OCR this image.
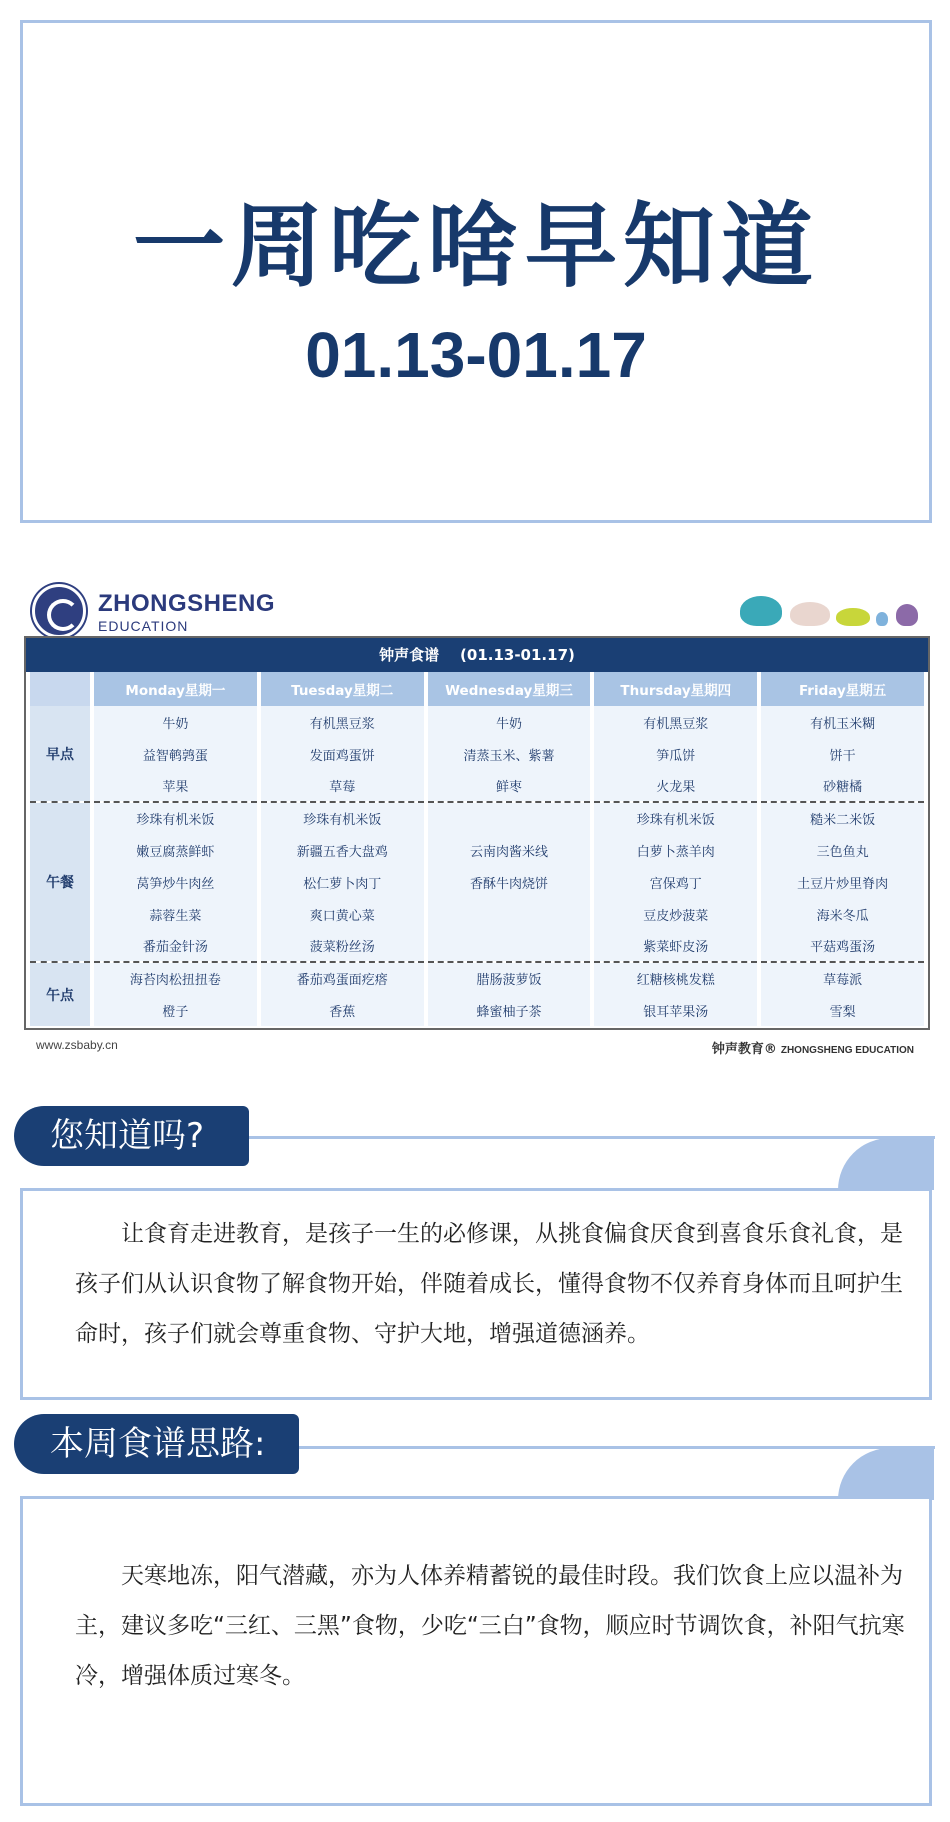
一周吃啥早知道
01.13-01.17
ZHONGSHENG
EDUCATION
钟声食谱    (01.13-01.17)
	Monday星期一	Tuesday星期二	Wednesday星期三	Thursday星期四	Friday星期五
早点	牛奶	有机黑豆浆	牛奶	有机黑豆浆	有机玉米糊
	益智鹌鹑蛋	发面鸡蛋饼	清蒸玉米、紫薯	笋瓜饼	饼干
	苹果	草莓	鲜枣	火龙果	砂糖橘
午餐	珍珠有机米饭	珍珠有机米饭		珍珠有机米饭	糙米二米饭
	嫩豆腐蒸鲜虾	新疆五香大盘鸡	云南肉酱米线	白萝卜蒸羊肉	三色鱼丸
	莴笋炒牛肉丝	松仁萝卜肉丁	香酥牛肉烧饼	宫保鸡丁	土豆片炒里脊肉
	蒜蓉生菜	爽口黄心菜		豆皮炒菠菜	海米冬瓜
	番茄金针汤	菠菜粉丝汤		紫菜虾皮汤	平菇鸡蛋汤
午点	海苔肉松扭扭卷	番茄鸡蛋面疙瘩	腊肠菠萝饭	红糖核桃发糕	草莓派
	橙子	香蕉	蜂蜜柚子茶	银耳苹果汤	雪梨
www.zsbaby.cn	钟声教育® ZHONGSHENG EDUCATION

让食育走进教育，是孩子一生的必修课，从挑食偏食厌食到喜食乐食礼食，是孩子们从认识食物了解食物开始，伴随着成长，懂得食物不仅养育身体而且呵护生命时，孩子们就会尊重食物、守护大地，增强道德涵养。

您知道吗?

天寒地冻，阳气潜藏，亦为人体养精蓄锐的最佳时段。我们饮食上应以温补为主，建议多吃“三红、三黑”食物，少吃“三白”食物，顺应时节调饮食，补阳气抗寒冷，增强体质过寒冬。

本周食谱思路:
